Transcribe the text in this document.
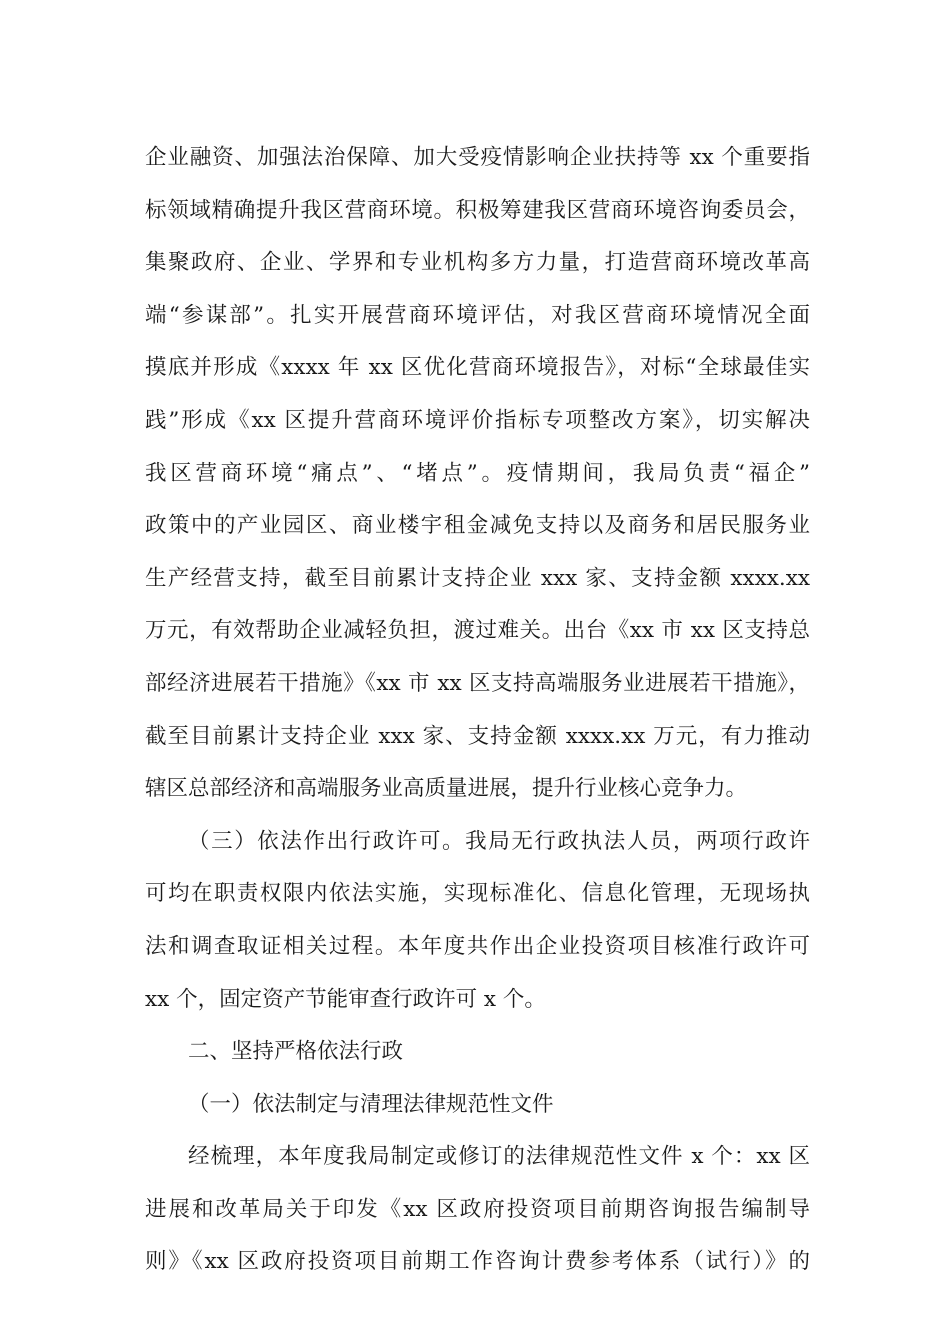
企业融资、加强法治保障、加大受疫情影响企业扶持等 xx 个重要指
标领域精确提升我区营商环境。积极筹建我区营商环境咨询委员会，
集聚政府、企业、学界和专业机构多方力量，打造营商环境改革高
端“参谋部”。扎实开展营商环境评估，对我区营商环境情况全面
摸底并形成《xxxx 年 xx 区优化营商环境报告》，对标“全球最佳实
践”形成《xx 区提升营商环境评价指标专项整改方案》，切实解决
我区营商环境“痛点”、“堵点”。疫情期间，我局负责“福企”
政策中的产业园区、商业楼宇租金减免支持以及商务和居民服务业
生产经营支持，截至目前累计支持企业 xxx 家、支持金额 xxxx.xx
万元，有效帮助企业减轻负担，渡过难关。出台《xx 市 xx 区支持总
部经济进展若干措施》《xx 市 xx 区支持高端服务业进展若干措施》，
截至目前累计支持企业 xxx 家、支持金额 xxxx.xx 万元，有力推动
辖区总部经济和高端服务业高质量进展，提升行业核心竞争力。
（三）依法作出行政许可。我局无行政执法人员，两项行政许
可均在职责权限内依法实施，实现标准化、信息化管理，无现场执
法和调查取证相关过程。本年度共作出企业投资项目核准行政许可
xx 个，固定资产节能审查行政许可 x 个。
二、坚持严格依法行政
（一）依法制定与清理法律规范性文件
经梳理，本年度我局制定或修订的法律规范性文件 x 个：xx 区
进展和改革局关于印发《xx 区政府投资项目前期咨询报告编制导
则》《xx 区政府投资项目前期工作咨询计费参考体系（试行）》的
